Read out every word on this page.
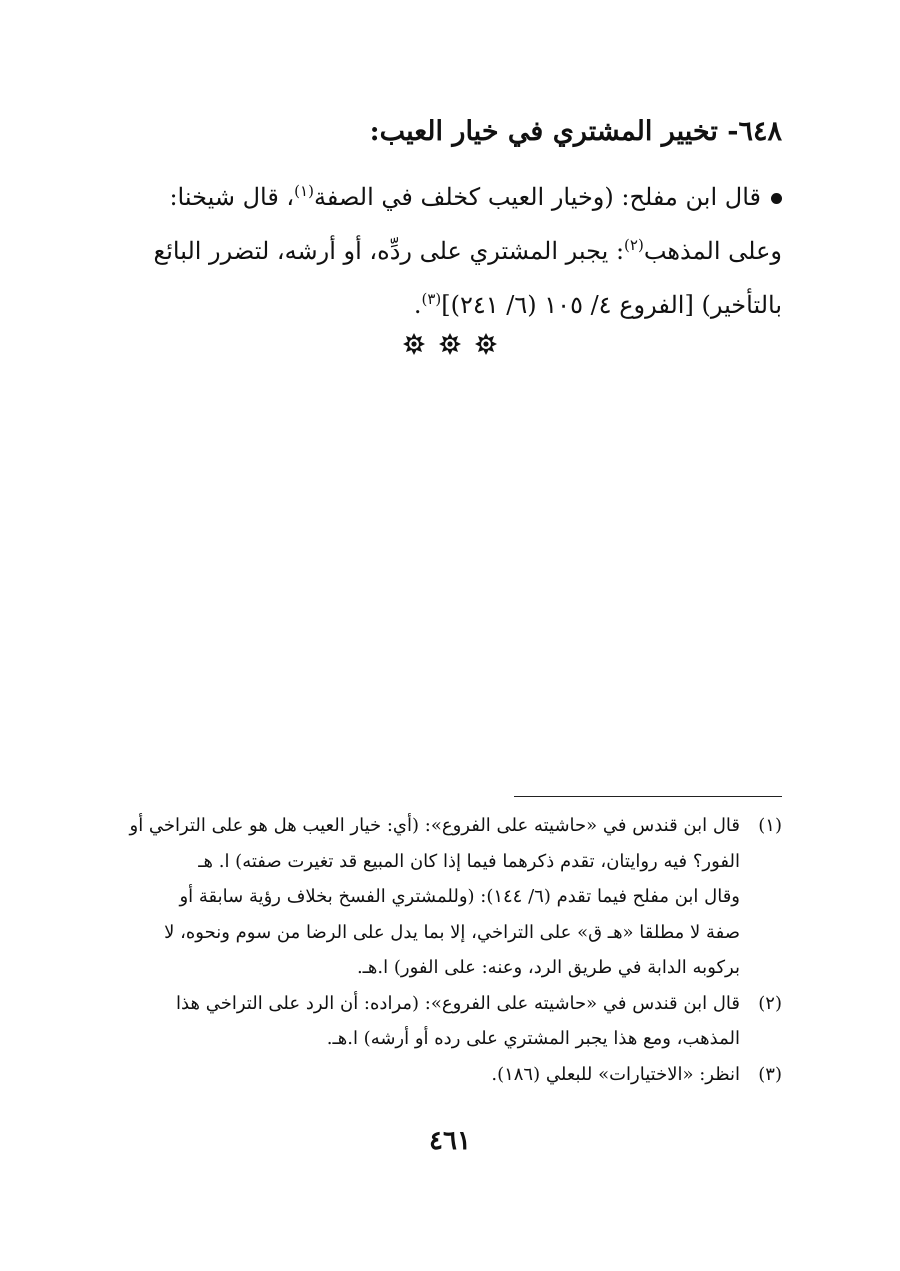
٦٤٨- تخيير المشتري في خيار العيب:
قال ابن مفلح: (وخيار العيب كخلف في الصفة$^{(١)}$، قال شيخنا:
وعلى المذهب$^{(٢)}$: يجبر المشتري على ردِّه، أو أرشه، لتضرر البائع
بالتأخير) [الفروع ٤/ ١٠٥ (٦/ ٢٤١)]$^{(٣)}$.
(١)
قال ابن قندس في «حاشيته على الفروع»: (أي: خيار العيب هل هو على التراخي أو
الفور؟ فيه روايتان، تقدم ذكرهما فيما إذا كان المبيع قد تغيرت صفته) ا. هـ
وقال ابن مفلح فيما تقدم (٦/ ١٤٤): (وللمشتري الفسخ بخلاف رؤية سابقة أو
صفة لا مطلقا «هـ ق» على التراخي، إلا بما يدل على الرضا من سوم ونحوه، لا
بركوبه الدابة في طريق الرد، وعنه: على الفور) ا.هـ.
(٢)
قال ابن قندس في «حاشيته على الفروع»: (مراده: أن الرد على التراخي هذا
المذهب، ومع هذا يجبر المشتري على رده أو أرشه) ا.هـ.
(٣)
انظر: «الاختيارات» للبعلي (١٨٦).
٤٦١
